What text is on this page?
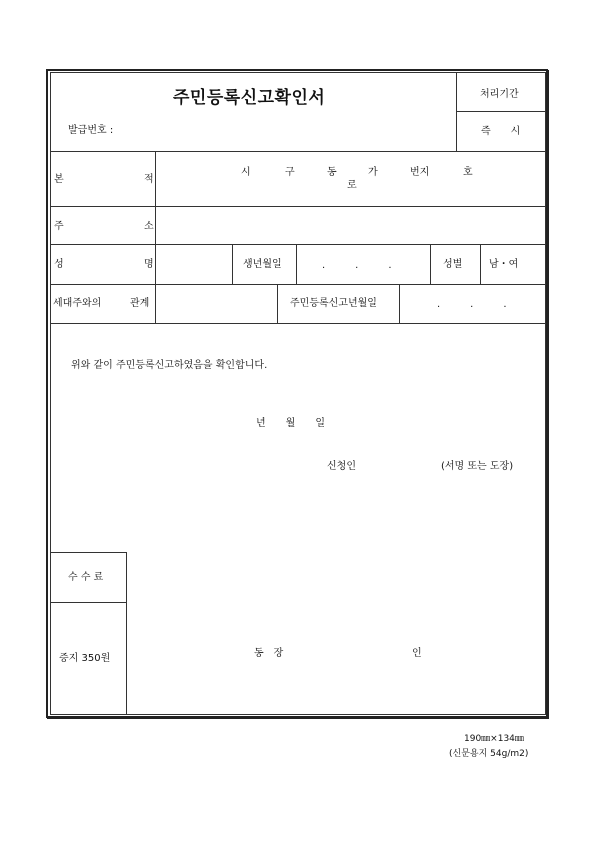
주민등록신고확인서
발급번호 :
처리기간
즉　　시
본	적
시	구	동	가	번지	호
로
주	소
성	명	생년월일	.　　　.　　　.	성별	남・여
세대주와의	관계	주민등록신고년월일	.　　　.　　　.
위와 같이 주민등록신고하였음을 확인합니다.
년　　월　　일
신청인	(서명 또는 도장)
수 수 료
증지 350원	동　장	인
190㎜×134㎜
(신문용지 54g/m2)
